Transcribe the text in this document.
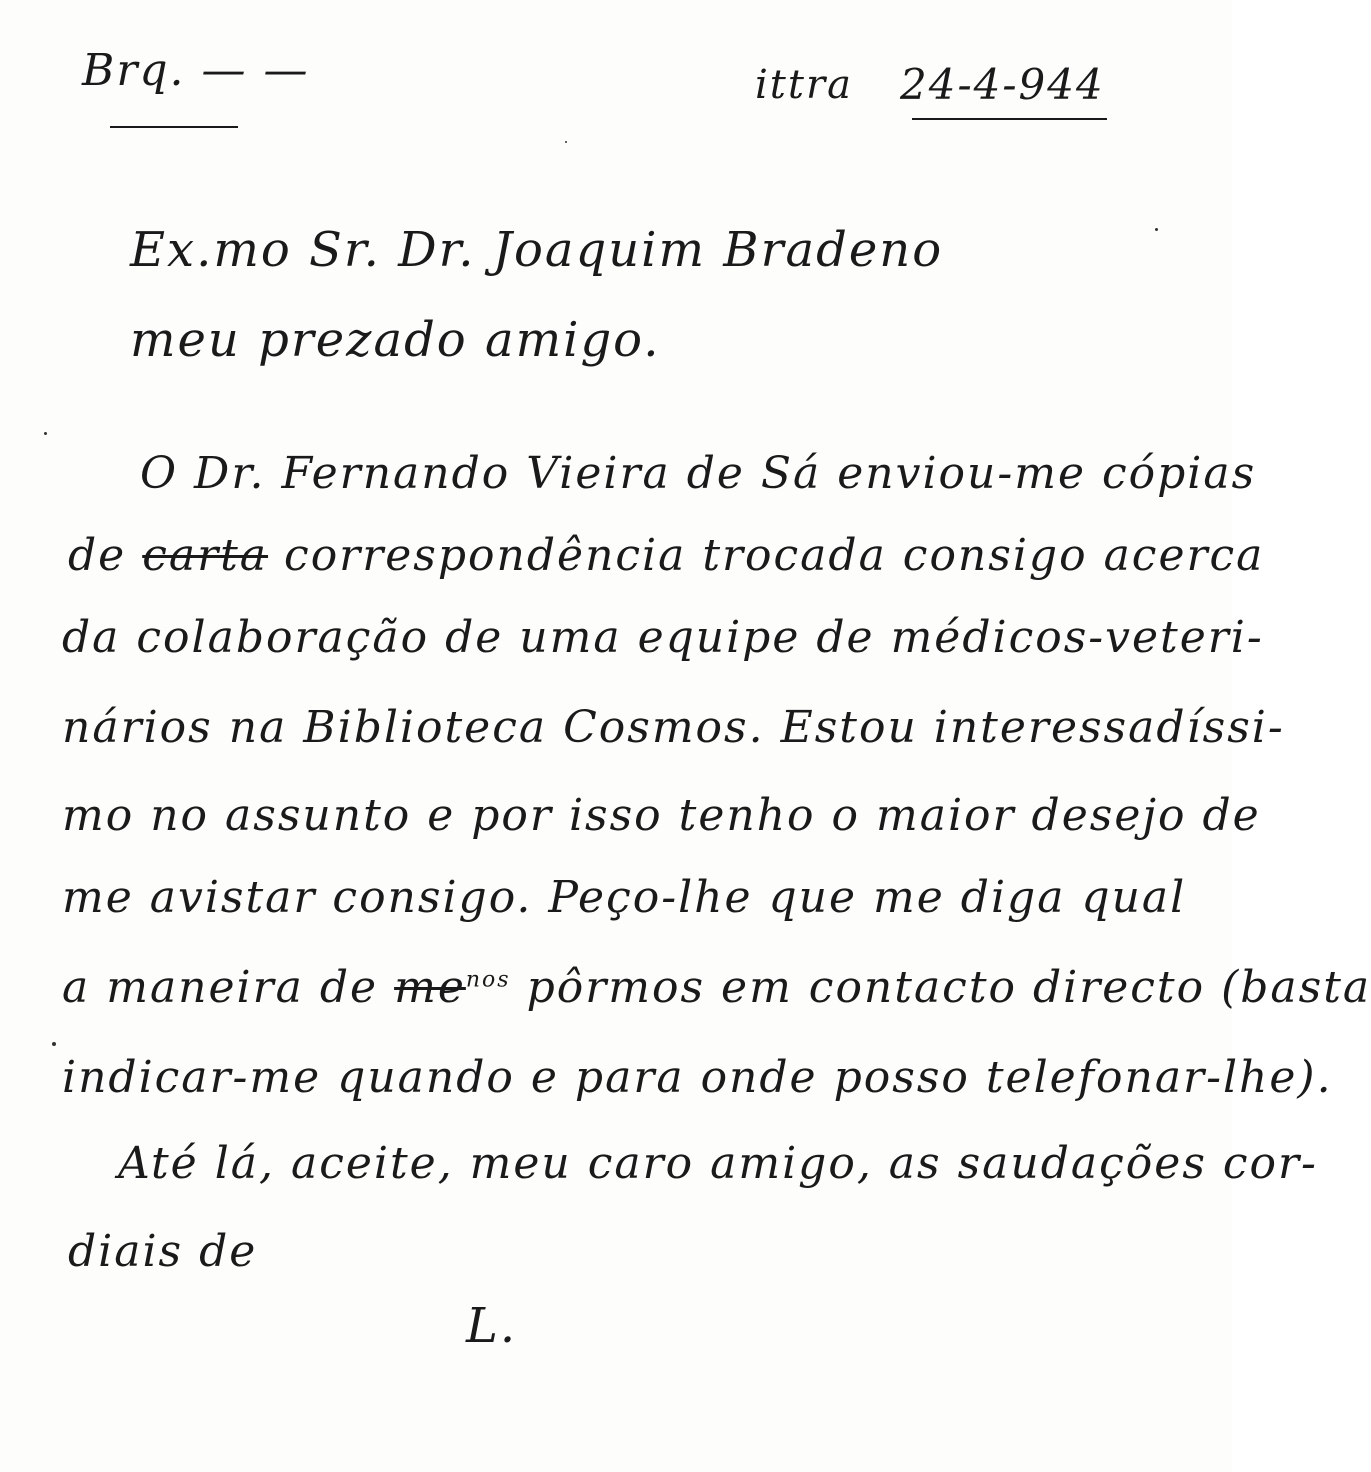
Brq. — —	ittra 24-4-944
Ex.mo Sr. Dr. Joaquim Bradeno
meu prezado amigo.
O Dr. Fernando Vieira de Sá enviou-me cópias
de carta correspondência trocada consigo acerca
da colaboração de uma equipe de médicos-veteri-
nários na Biblioteca Cosmos. Estou interessadíssi-
mo no assunto e por isso tenho o maior desejo de
me avistar consigo. Peço-lhe que me diga qual
a maneira de $me^{nos}$ pôrmos em contacto directo (basta
indicar-me quando e para onde posso telefonar-lhe).
Até lá, aceite, meu caro amigo, as saudações cor-
diais de
L.
